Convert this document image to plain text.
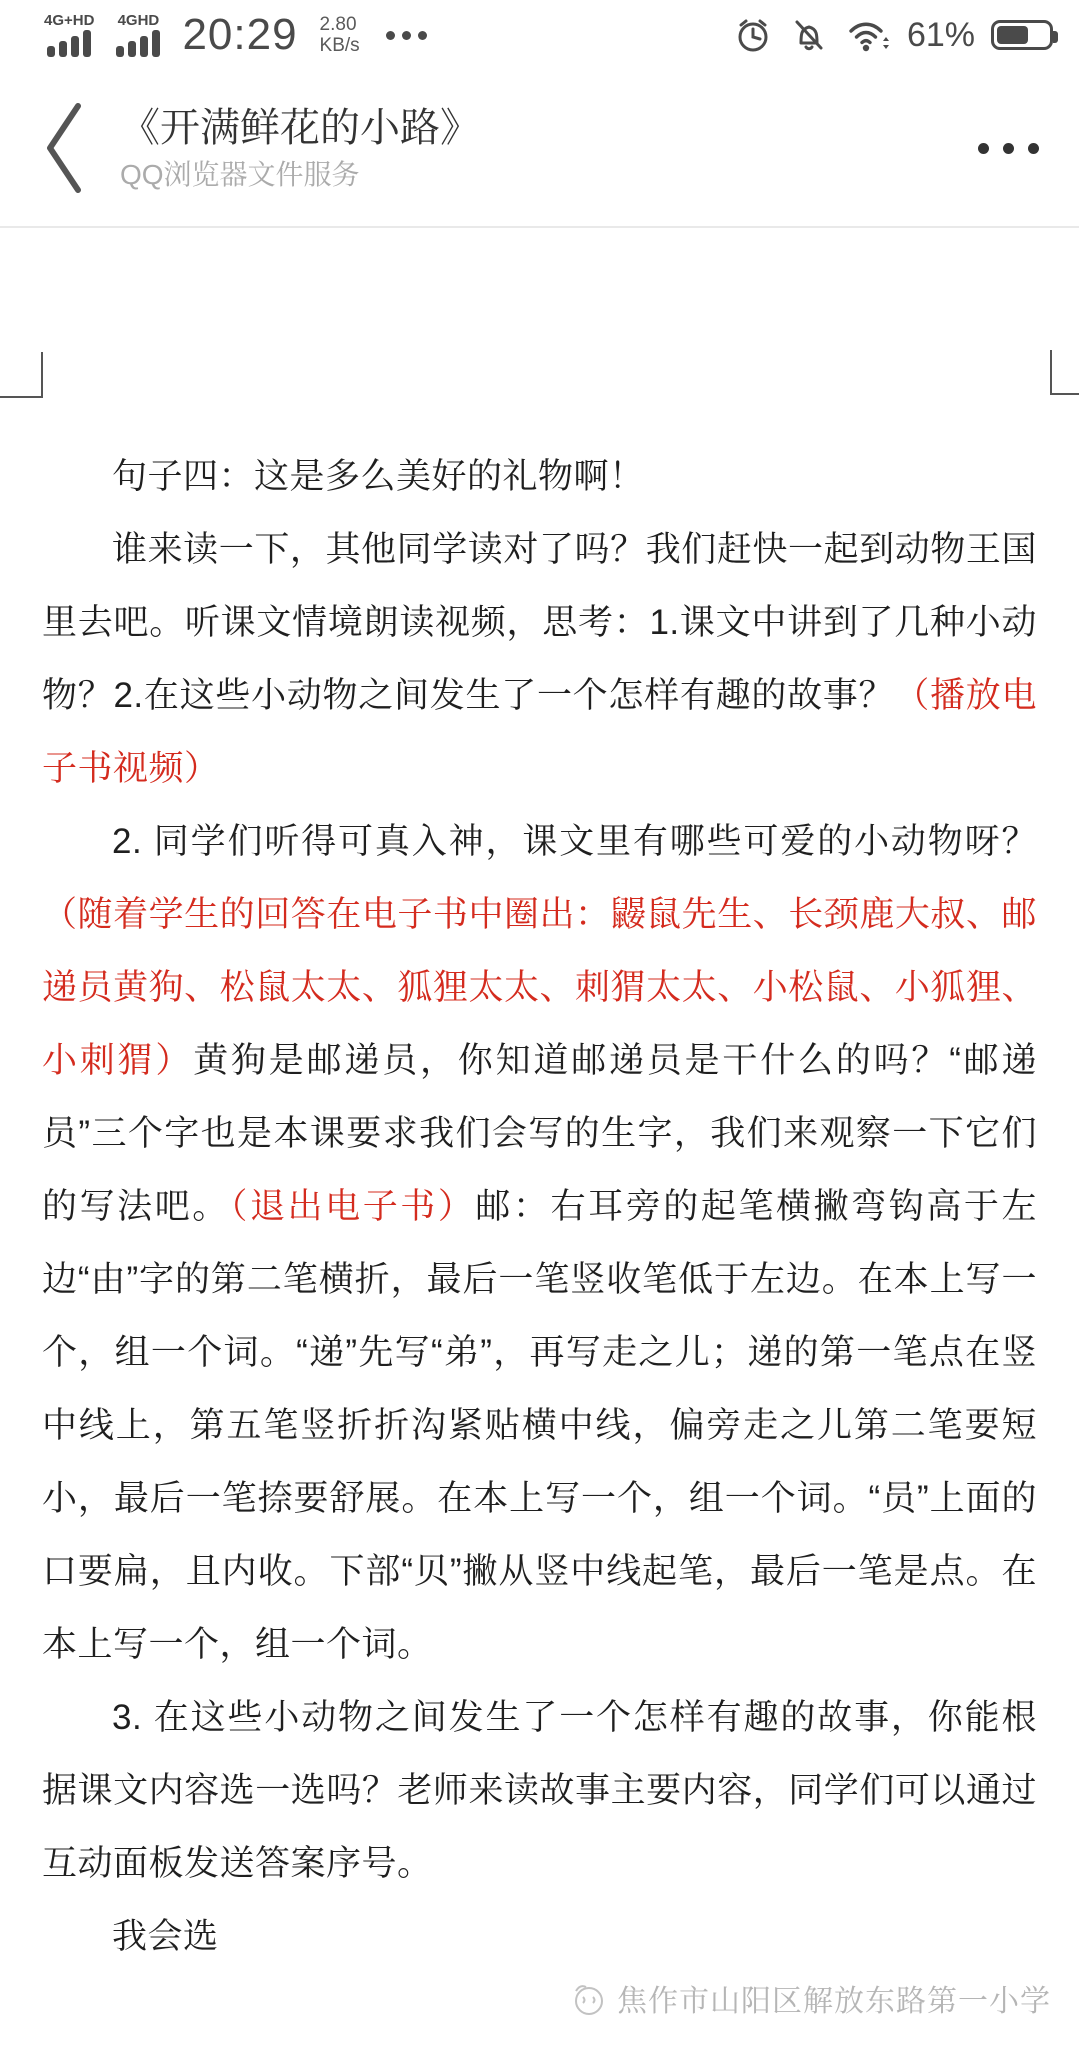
4G+HD 4GHD 20:29 2.80
KB/s	61%
《开满鲜花的小路》
QQ浏览器文件服务

句子四：这是多么美好的礼物啊！

谁来读一下，其他同学读对了吗？我们赶快一起到动物王国里去吧。听课文情境朗读视频，思考：1.课文中讲到了几种小动物？2.在这些小动物之间发生了一个怎样有趣的故事？（播放电子书视频）

2. 同学们听得可真入神，课文里有哪些可爱的小动物呀？（随着学生的回答在电子书中圈出：鼹鼠先生、长颈鹿大叔、邮递员黄狗、松鼠太太、狐狸太太、刺猬太太、小松鼠、小狐狸、小刺猬）黄狗是邮递员，你知道邮递员是干什么的吗？“邮递员”三个字也是本课要求我们会写的生字，我们来观察一下它们的写法吧。（退出电子书）邮：右耳旁的起笔横撇弯钩高于左边“由”字的第二笔横折，最后一笔竖收笔低于左边。在本上写一个，组一个词。“递”先写“弟”，再写走之儿；递的第一笔点在竖中线上，第五笔竖折折沟紧贴横中线，偏旁走之儿第二笔要短小，最后一笔捺要舒展。在本上写一个，组一个词。“员”上面的口要扁，且内收。下部“贝”撇从竖中线起笔，最后一笔是点。在本上写一个，组一个词。

3. 在这些小动物之间发生了一个怎样有趣的故事，你能根据课文内容选一选吗？老师来读故事主要内容，同学们可以通过互动面板发送答案序号。

我会选

焦作市山阳区解放东路第一小学
